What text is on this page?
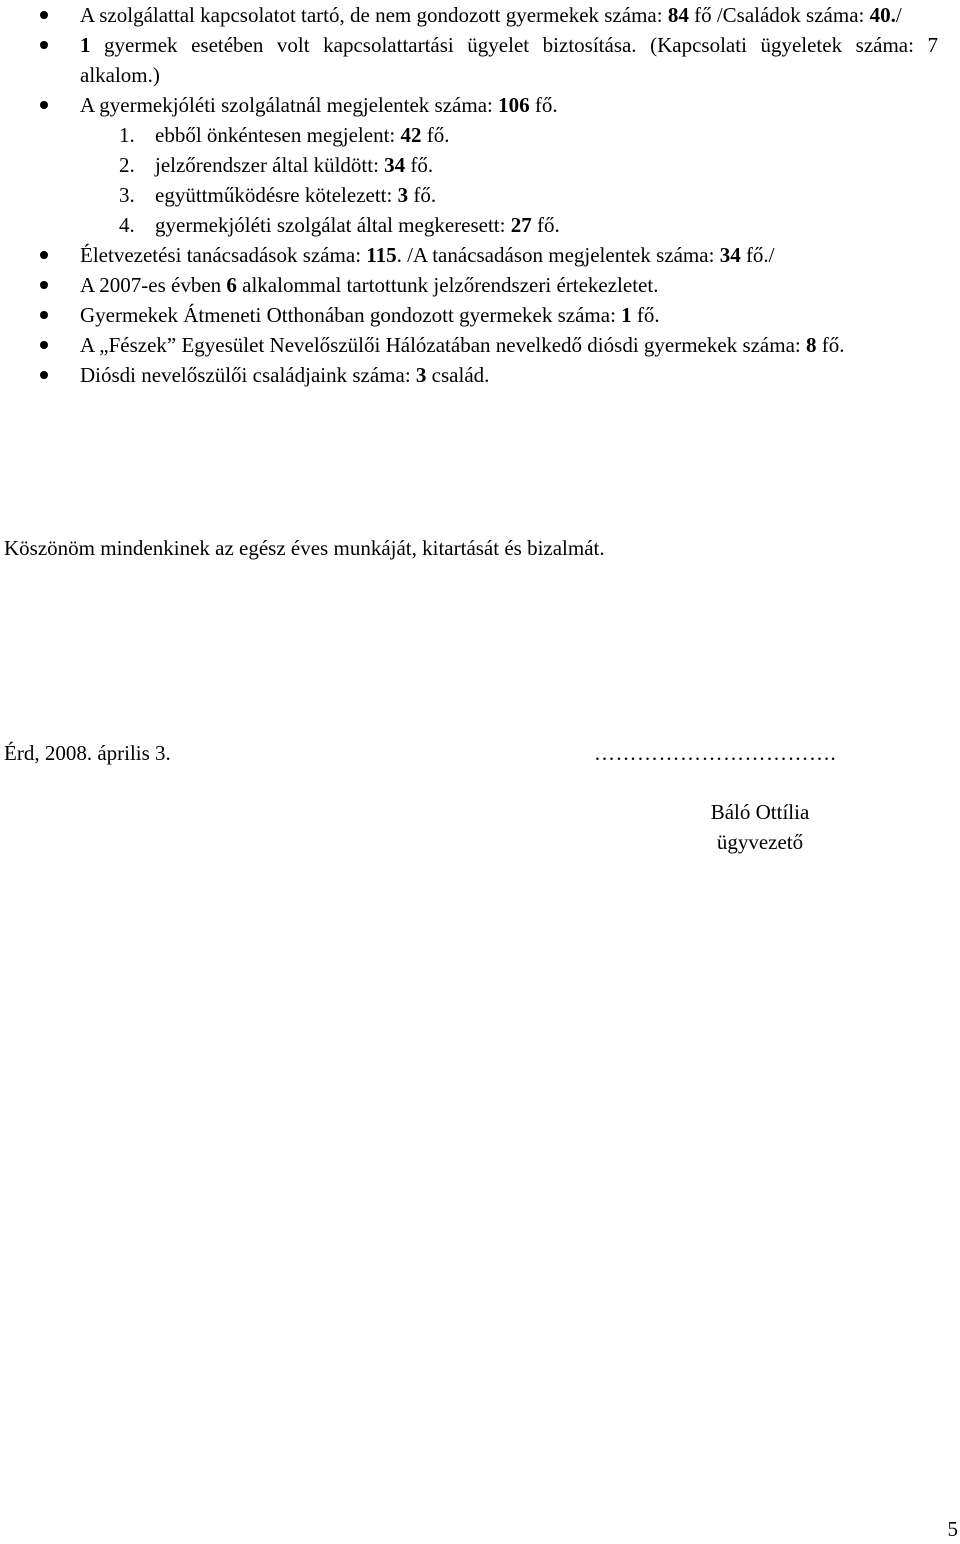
A szolgálattal kapcsolatot tartó, de nem gondozott gyermekek száma: 84 fő /Családok száma: 40./
1 gyermek esetében volt kapcsolattartási ügyelet biztosítása. (Kapcsolati ügyeletek száma: 7 alkalom.)
A gyermekjóléti szolgálatnál megjelentek száma: 106 fő.
1. ebből önkéntesen megjelent: 42 fő.
2. jelzőrendszer által küldött: 34 fő.
3. együttműködésre kötelezett: 3 fő.
4. gyermekjóléti szolgálat által megkeresett: 27 fő.
Életvezetési tanácsadások száma: 115. /A tanácsadáson megjelentek száma: 34 fő./
A 2007-es évben 6 alkalommal tartottunk jelzőrendszeri értekezletet.
Gyermekek Átmeneti Otthonában gondozott gyermekek száma: 1 fő.
A „Fészek” Egyesület Nevelőszülői Hálózatában nevelkedő diósdi gyermekek száma: 8 fő.
Diósdi nevelőszülői családjaink száma: 3 család.

Köszönöm mindenkinek az egész éves munkáját, kitartását és bizalmát.

Érd, 2008. április 3.	…………………………….
Báló Ottília
ügyvezető
5
